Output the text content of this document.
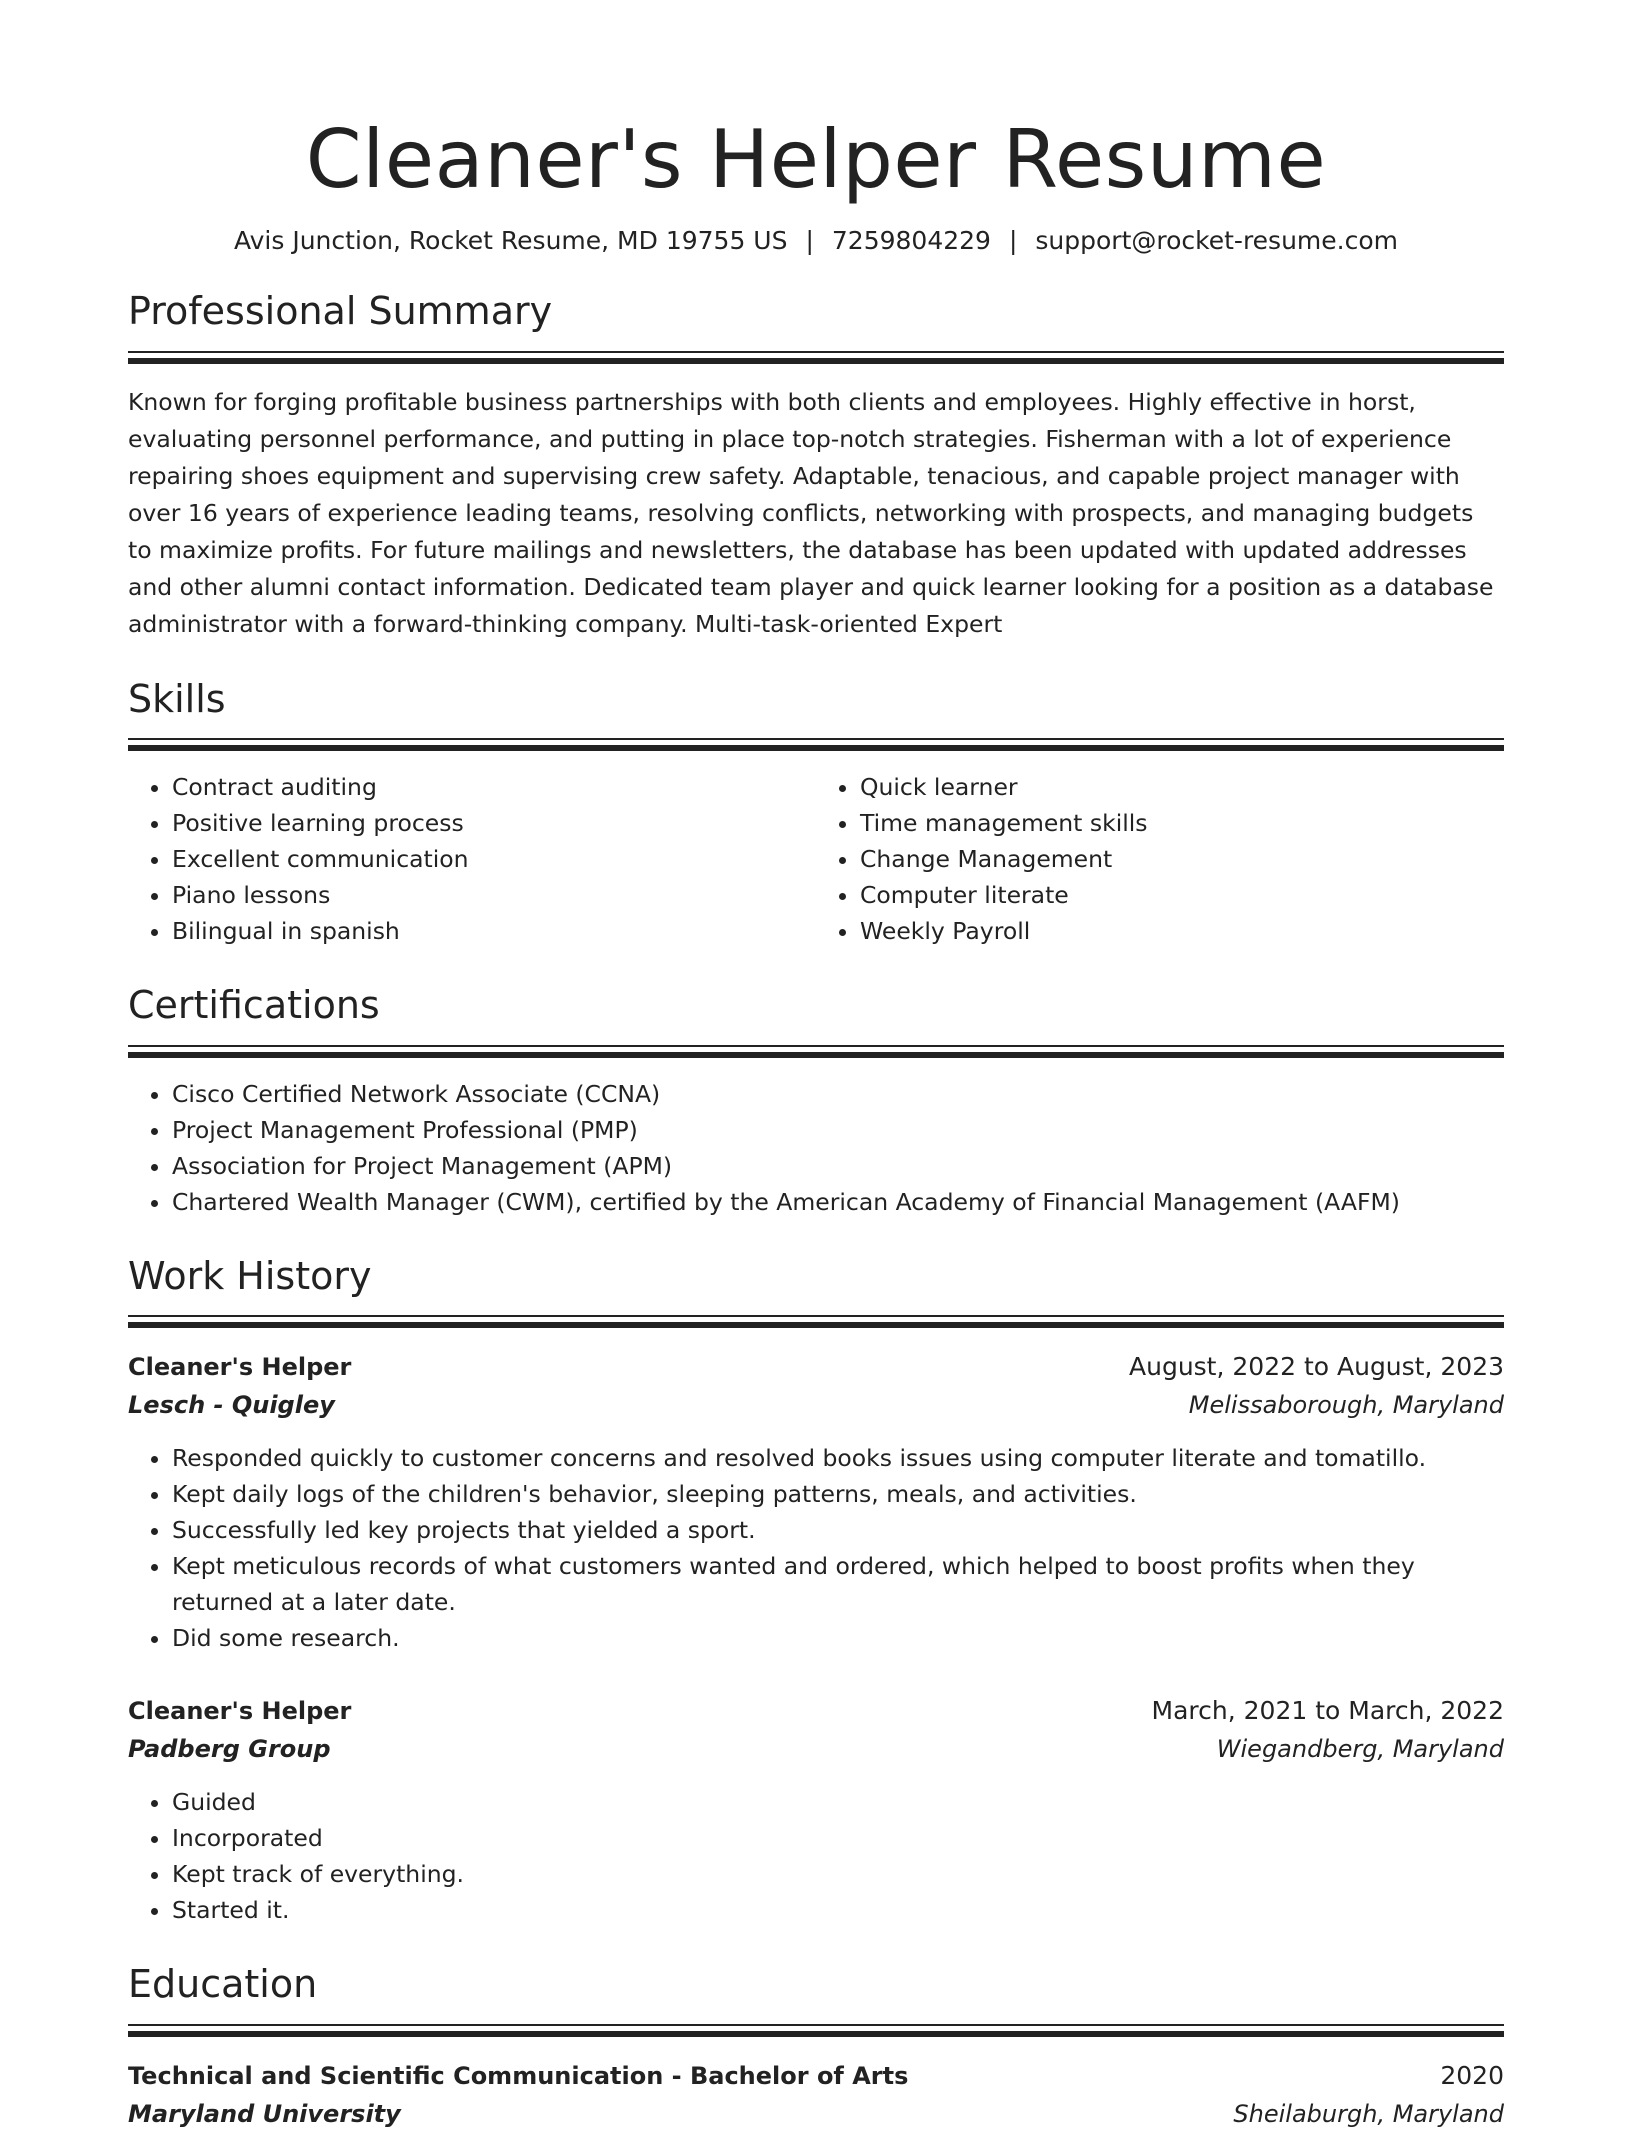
Cleaner's Helper Resume
Avis Junction, Rocket Resume, MD 19755 US | 7259804229 | support@rocket-resume.com
Professional Summary
Known for forging profitable business partnerships with both clients and employees. Highly effective in horst, evaluating personnel performance, and putting in place top-notch strategies. Fisherman with a lot of experience repairing shoes equipment and supervising crew safety. Adaptable, tenacious, and capable project manager with over 16 years of experience leading teams, resolving conflicts, networking with prospects, and managing budgets to maximize profits. For future mailings and newsletters, the database has been updated with updated addresses and other alumni contact information. Dedicated team player and quick learner looking for a position as a database administrator with a forward-thinking company. Multi-task-oriented Expert
Skills
• Contract auditing
• Positive learning process
• Excellent communication
• Piano lessons
• Bilingual in spanish
• Quick learner
• Time management skills
• Change Management
• Computer literate
• Weekly Payroll
Certifications
• Cisco Certified Network Associate (CCNA)
• Project Management Professional (PMP)
• Association for Project Management (APM)
• Chartered Wealth Manager (CWM), certified by the American Academy of Financial Management (AAFM)
Work History
Cleaner's Helper	August, 2022 to August, 2023
Lesch - Quigley	Melissaborough, Maryland
• Responded quickly to customer concerns and resolved books issues using computer literate and tomatillo.
• Kept daily logs of the children's behavior, sleeping patterns, meals, and activities.
• Successfully led key projects that yielded a sport.
• Kept meticulous records of what customers wanted and ordered, which helped to boost profits when they returned at a later date.
• Did some research.
Cleaner's Helper	March, 2021 to March, 2022
Padberg Group	Wiegandberg, Maryland
• Guided
• Incorporated
• Kept track of everything.
• Started it.
Education
Technical and Scientific Communication - Bachelor of Arts	2020
Maryland University	Sheilaburgh, Maryland
